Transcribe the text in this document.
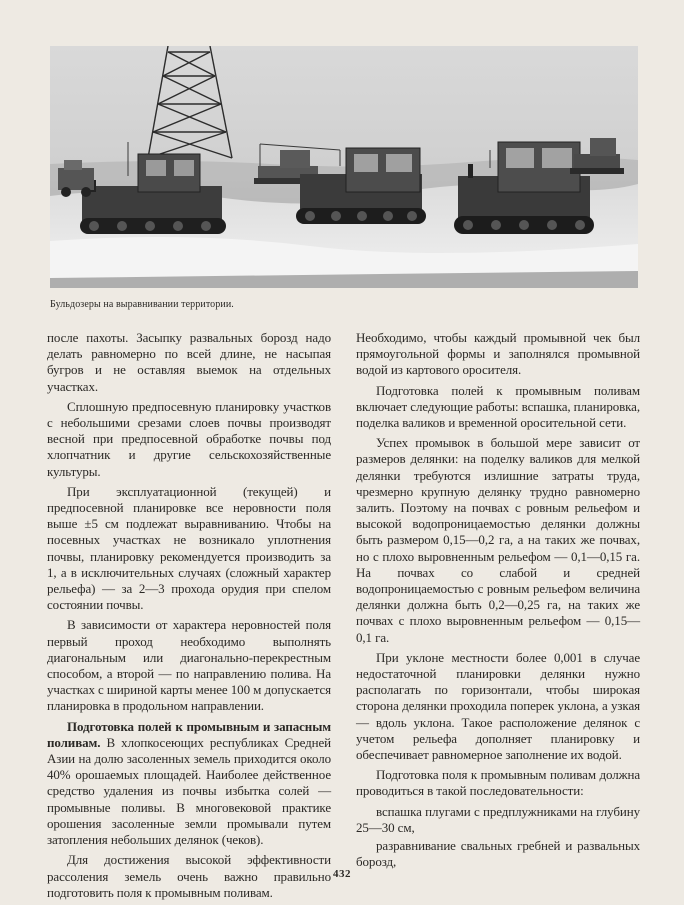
Бульдозеры на выравнивании территории.

после пахоты. Засыпку развальных борозд надо делать равномерно по всей длине, не насыпая бугров и не оставляя выемок на отдельных участках.

Сплошную предпосевную планировку участков с небольшими срезами слоев почвы производят весной при предпосевной обработке почвы под хлопчатник и другие сельскохозяйственные культуры.

При эксплуатационной (текущей) и предпосевной планировке все неровности поля выше ±5 см подлежат выравниванию. Чтобы на посевных участках не возникало уплотнения почвы, планировку рекомендуется производить за 1, а в исключительных случаях (сложный характер рельефа) — за 2—3 прохода орудия при спелом состоянии почвы.

В зависимости от характера неровностей поля первый проход необходимо выполнять диагональным или диагонально-перекрестным способом, а второй — по направлению полива. На участках с шириной карты менее 100 м допускается планировка в продольном направлении.

Подготовка полей к промывным и запасным поливам. В хлопкосеющих республиках Средней Азии на долю засоленных земель приходится около 40% орошаемых площадей. Наиболее действенное средство удаления из почвы избытка солей — промывные поливы. В многовековой практике орошения засоленные земли промывали путем затопления небольших делянок (чеков).

Для достижения высокой эффективности рассоления земель очень важно правильно подготовить поля к промывным поливам.

Необходимо, чтобы каждый промывной чек был прямоугольной формы и заполнялся промывной водой из картового оросителя.

Подготовка полей к промывным поливам включает следующие работы: вспашка, планировка, поделка валиков и временной оросительной сети.

Успех промывок в большой мере зависит от размеров делянки: на поделку валиков для мелкой делянки требуются излишние затраты труда, чрезмерно крупную делянку трудно равномерно залить. Поэтому на почвах с ровным рельефом и высокой водопроницаемостью делянки должны быть размером 0,15—0,2 га, а на таких же почвах, но с плохо выровненным рельефом — 0,1—0,15 га. На почвах со слабой и средней водопроницаемостью с ровным рельефом величина делянки должна быть 0,2—0,25 га, на таких же почвах с плохо выровненным рельефом — 0,15—0,1 га.

При уклоне местности более 0,001 в случае недостаточной планировки делянки нужно располагать по горизонтали, чтобы широкая сторона делянки проходила поперек уклона, а узкая — вдоль уклона. Такое расположение делянок с учетом рельефа дополняет планировку и обеспечивает равномерное заполнение их водой.

Подготовка поля к промывным поливам должна проводиться в такой последовательности:

вспашка плугами с предплужниками на глубину 25—30 см,

разравнивание свальных гребней и развальных борозд,

432
